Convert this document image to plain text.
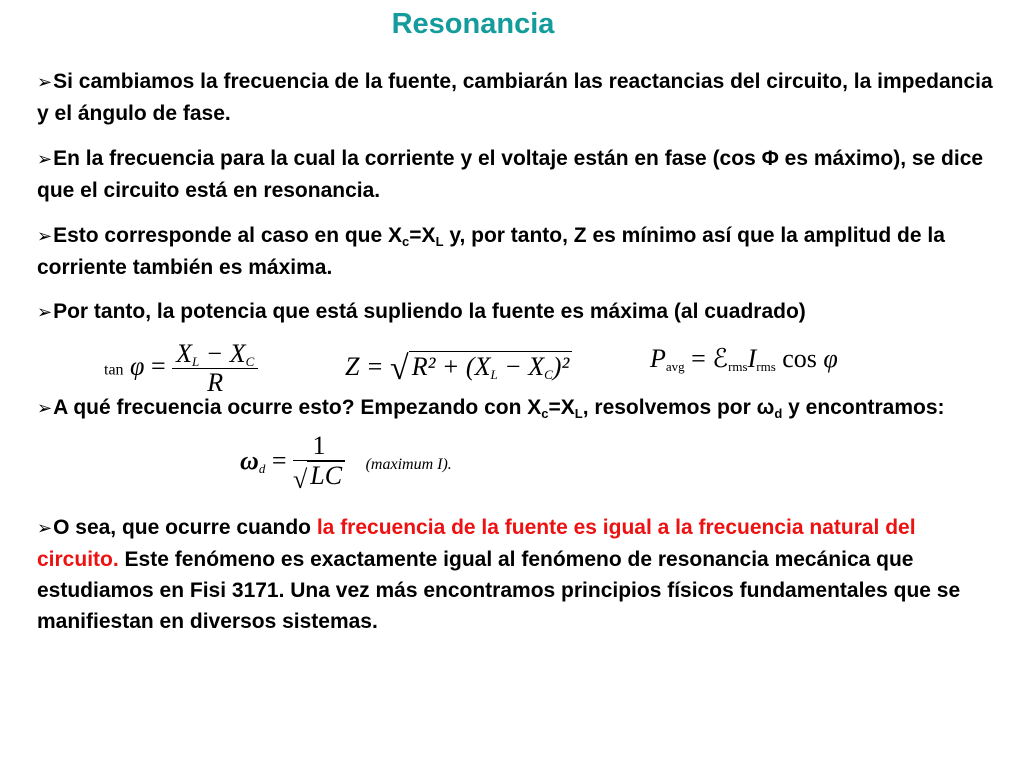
Resonancia
➢Si cambiamos la frecuencia de la fuente, cambiarán las reactancias del circuito, la impedancia y el ángulo de fase.
➢En la frecuencia para la cual la corriente y el voltaje están en fase (cos Φ es máximo), se dice que el circuito está en resonancia.
➢Esto corresponde al caso en que $X_c=X_L$ y, por tanto, Z es mínimo así que la amplitud de la corriente también es máxima.
➢Por tanto, la potencia que está supliendo la fuente es máxima (al cuadrado)
$\tan \varphi = \frac{X_L - X_C}{R}$	Z = √ $R^2 + (X_L - X_C)^2$	$P_{avg}$ = $ℰ_{rms}I_{rms}$ cos φ
➢A qué frecuencia ocurre esto? Empezando con $X_c=X_L$, resolvemos por $\omega_d$ y encontramos:
$\omega_d = \frac{1}{√ LC}$ (maximum I).
➢O sea, que ocurre cuando la frecuencia de la fuente es igual a la frecuencia natural del circuito. Este fenómeno es exactamente igual al fenómeno de resonancia mecánica que estudiamos en Fisi 3171. Una vez más encontramos principios físicos fundamentales que se manifiestan en diversos sistemas.
